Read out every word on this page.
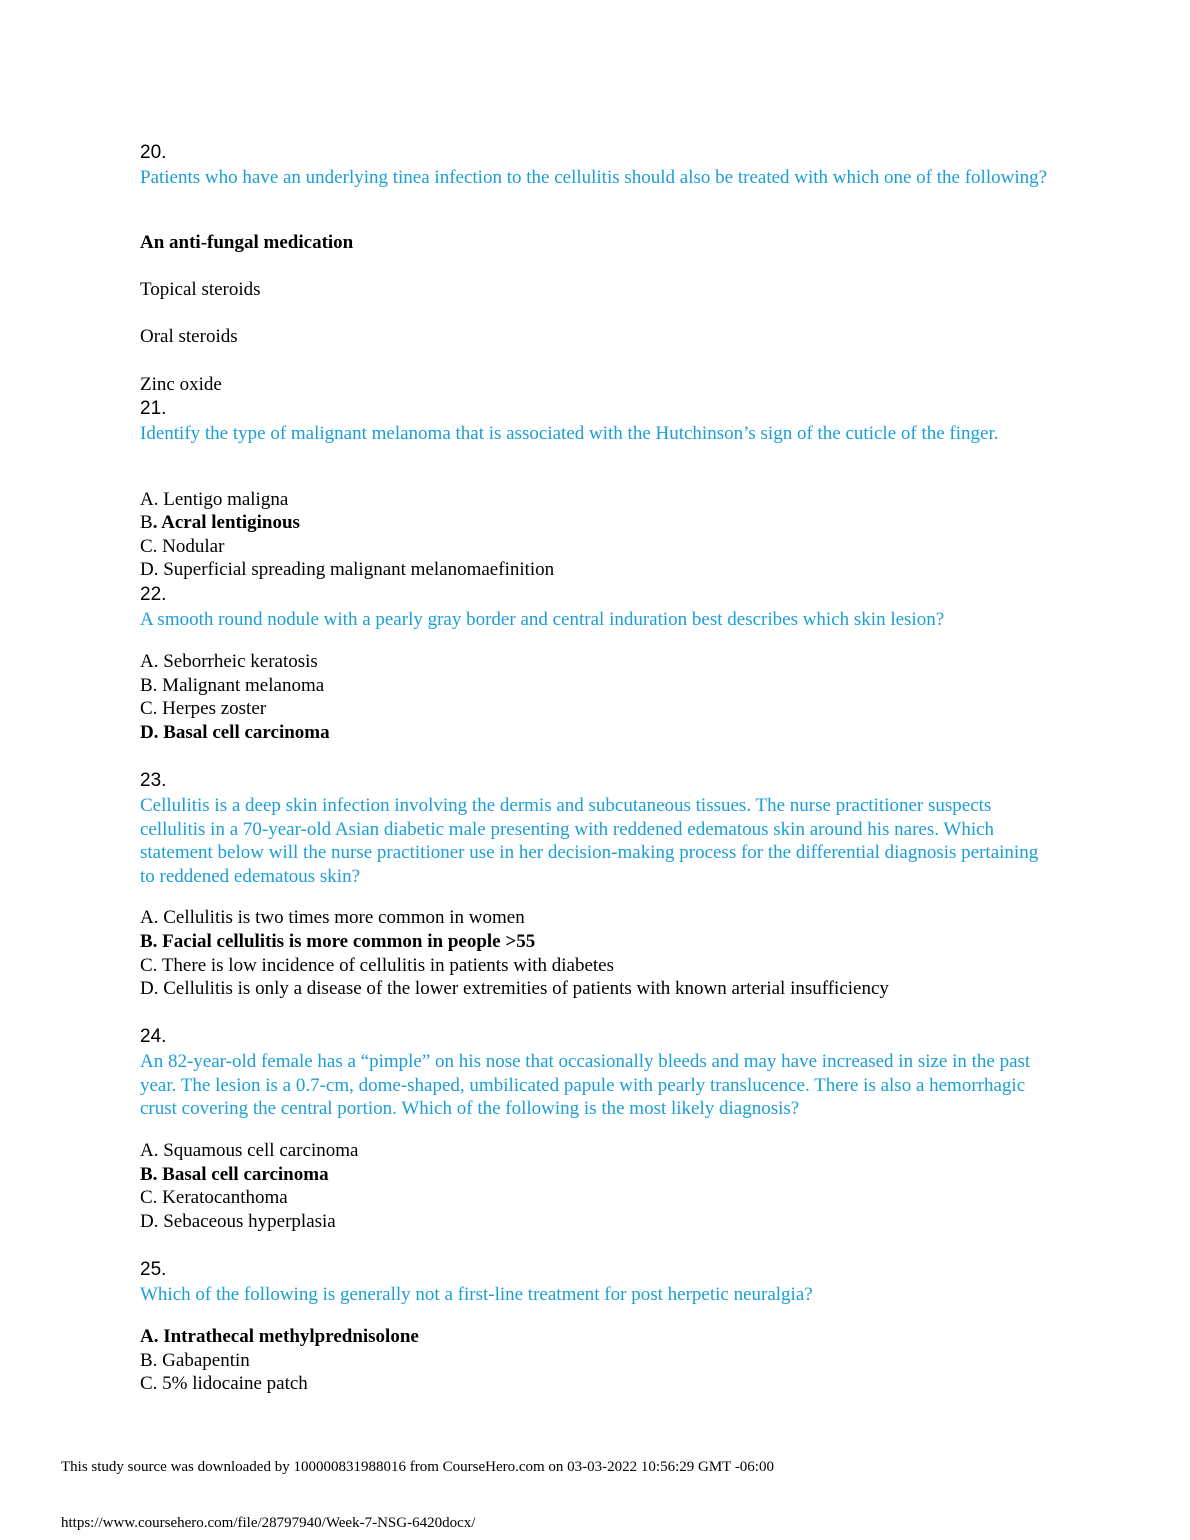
20.
Patients who have an underlying tinea infection to the cellulitis should also be treated with which one of the following?
An anti-fungal medication
Topical steroids
Oral steroids
Zinc oxide
21.
Identify the type of malignant melanoma that is associated with the Hutchinson’s sign of the cuticle of the finger.
A. Lentigo maligna
B. Acral lentiginous
C. Nodular
D. Superficial spreading malignant melanomaefinition
22.
A smooth round nodule with a pearly gray border and central induration best describes which skin lesion?
A. Seborrheic keratosis
B. Malignant melanoma
C. Herpes zoster
D. Basal cell carcinoma
23.
Cellulitis is a deep skin infection involving the dermis and subcutaneous tissues. The nurse practitioner suspects cellulitis in a 70-year-old Asian diabetic male presenting with reddened edematous skin around his nares. Which statement below will the nurse practitioner use in her decision-making process for the differential diagnosis pertaining to reddened edematous skin?
A. Cellulitis is two times more common in women
B. Facial cellulitis is more common in people >55
C. There is low incidence of cellulitis in patients with diabetes
D. Cellulitis is only a disease of the lower extremities of patients with known arterial insufficiency
24.
An 82-year-old female has a “pimple” on his nose that occasionally bleeds and may have increased in size in the past year. The lesion is a 0.7-cm, dome-shaped, umbilicated papule with pearly translucence. There is also a hemorrhagic crust covering the central portion. Which of the following is the most likely diagnosis?
A. Squamous cell carcinoma
B. Basal cell carcinoma
C. Keratocanthoma
D. Sebaceous hyperplasia
25.
Which of the following is generally not a first-line treatment for post herpetic neuralgia?
A. Intrathecal methylprednisolone
B. Gabapentin
C. 5% lidocaine patch
This study source was downloaded by 100000831988016 from CourseHero.com on 03-03-2022 10:56:29 GMT -06:00
https://www.coursehero.com/file/28797940/Week-7-NSG-6420docx/
